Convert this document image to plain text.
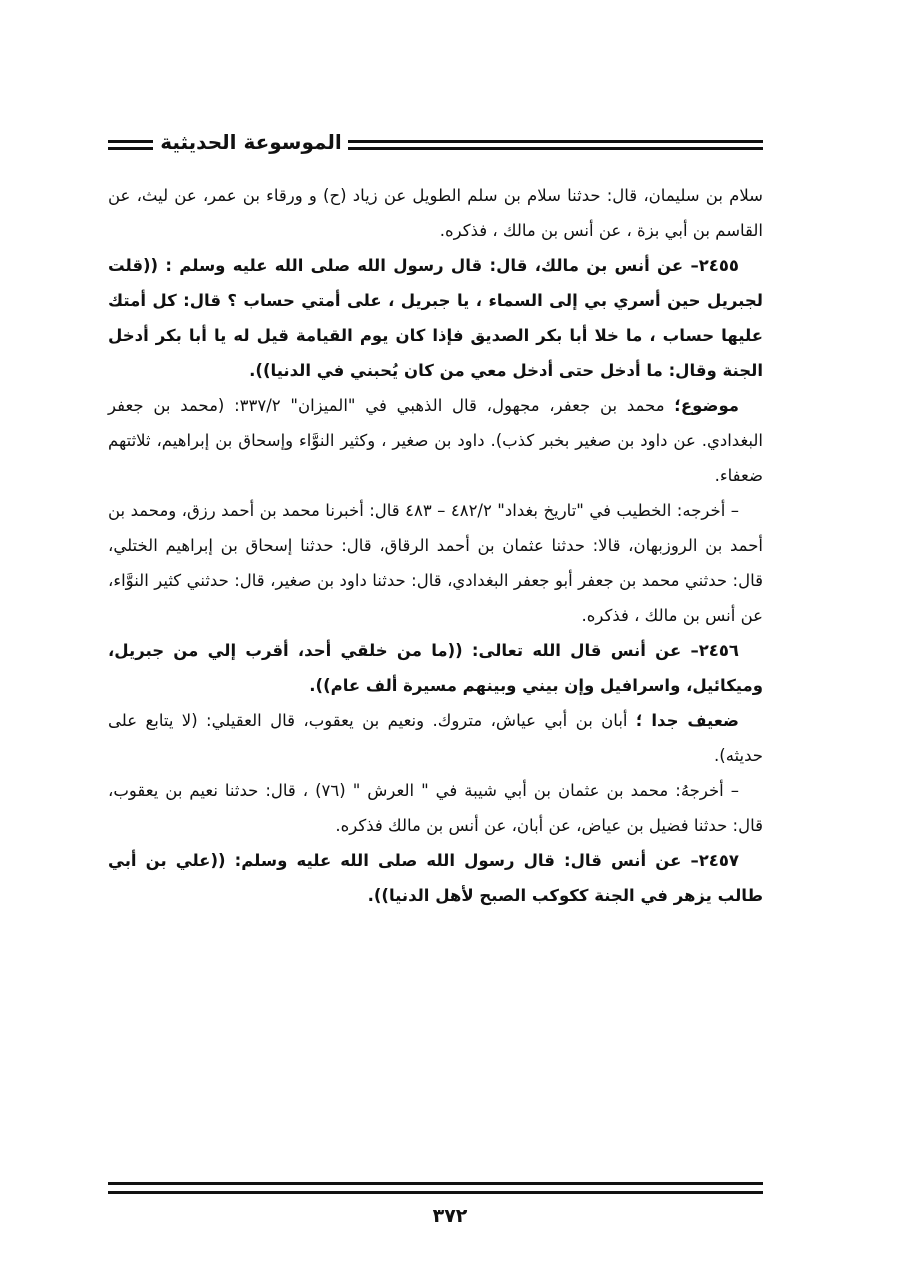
الموسوعة الحديثية

سلام بن سليمان، قال: حدثنا سلام بن سلم الطويل عن زياد (ح) و ورقاء بن عمر، عن ليث، عن القاسم بن أبي بزة ، عن أنس بن مالك ، فذكره.

٢٤٥٥– عن أنس بن مالك، قال: قال رسول الله صلى الله عليه وسلم : ((قلت لجبريل حين أسري بي إلى السماء ، يا جبريل ، على أمتي حساب ؟ قال: كل أمتك عليها حساب ، ما خلا أبا بكر الصديق فإذا كان يوم القيامة قيل له يا أبا بكر أدخل الجنة وقال: ما أدخل حتى أدخل معي من كان يُحبني في الدنيا)).

موضوع؛ محمد بن جعفر، مجهول، قال الذهبي في "الميزان" ٣٣٧/٢: (محمد بن جعفر البغدادي. عن داود بن صغير بخبر كذب). داود بن صغير ، وكثير النوَّاء وإسحاق بن إبراهيم، ثلاثتهم ضعفاء.

– أخرجه: الخطيب في "تاريخ بغداد" ٤٨٢/٢ – ٤٨٣ قال: أخبرنا محمد بن أحمد رزق، ومحمد بن أحمد بن الروزبهان، قالا: حدثنا عثمان بن أحمد الرقاق، قال: حدثنا إسحاق بن إبراهيم الختلي، قال: حدثني محمد بن جعفر أبو جعفر البغدادي، قال: حدثنا داود بن صغير، قال: حدثني كثير النوَّاء، عن أنس بن مالك ، فذكره.

٢٤٥٦– عن أنس قال الله تعالى: ((ما من خلقي أحد، أقرب إلي من جبريل، وميكائيل، واسرافيل وإن بيني وبينهم مسيرة ألف عام)).

ضعيف جدا ؛ أبان بن أبي عياش، متروك. ونعيم بن يعقوب، قال العقيلي: (لا يتابع على حديثه).

– أخرجهُ: محمد بن عثمان بن أبي شيبة في " العرش " (٧٦) ، قال: حدثنا نعيم بن يعقوب، قال: حدثنا فضيل بن عياض، عن أبان، عن أنس بن مالك فذكره.

٢٤٥٧– عن أنس قال: قال رسول الله صلى الله عليه وسلم: ((علي بن أبي طالب يزهر في الجنة ككوكب الصبح لأهل الدنيا)).

٣٧٢
